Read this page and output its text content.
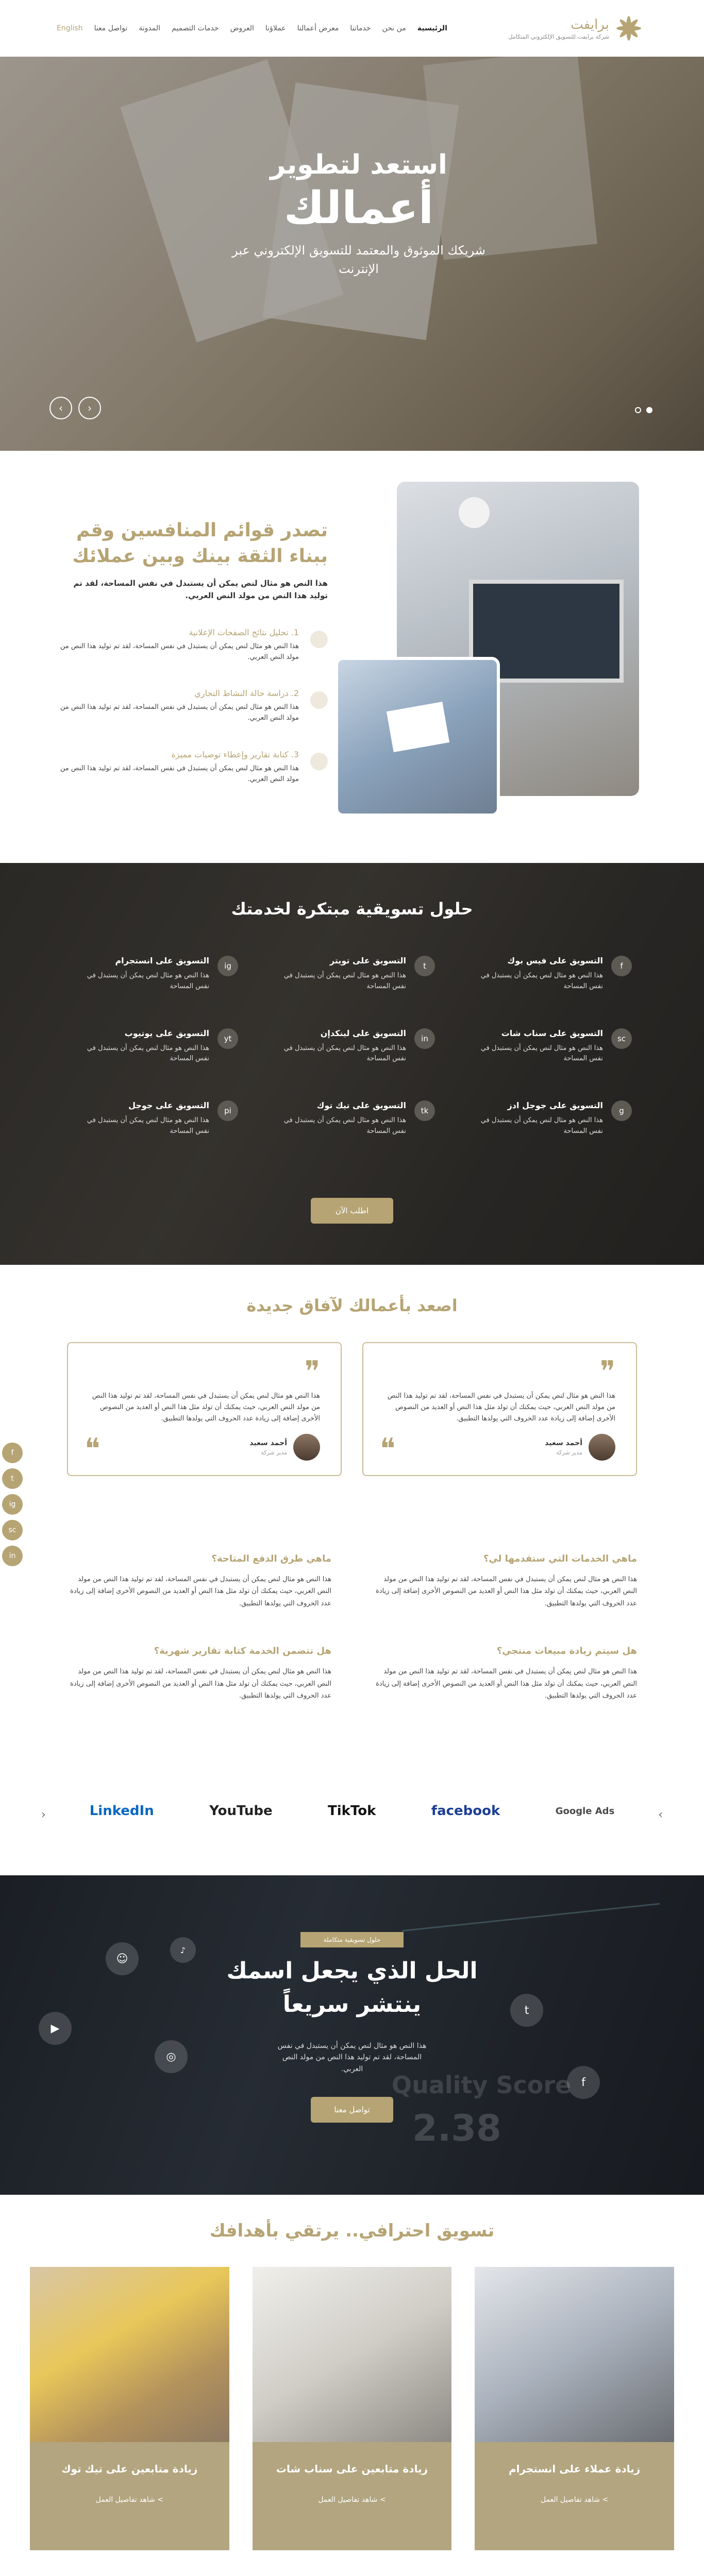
برايفت
شركة برايفت للتسويق الإلكتروني المتكامل
الرئيسية
من نحن
خدماتنا
معرض أعمالنا
عملاؤنا
العروض
خدمات التصميم
المدونة
تواصل معنا
English
استعد لتطوير
أعمالك
شريكك الموثوق والمعتمد للتسويق الإلكتروني عبر الإنترنت
‹
›
تصدر قوائم المنافسين وقم ببناء الثقة بينك وبين عملائك
هذا النص هو مثال لنص يمكن أن يستبدل في نفس المساحة، لقد تم توليد هذا النص من مولد النص العربي.
1. تحليل نتائج الصفحات الإعلانية
هذا النص هو مثال لنص يمكن أن يستبدل في نفس المساحة، لقد تم توليد هذا النص من مولد النص العربي.
2. دراسة حالة النشاط التجاري
هذا النص هو مثال لنص يمكن أن يستبدل في نفس المساحة، لقد تم توليد هذا النص من مولد النص العربي.
3. كتابة تقارير وإعطاء توصيات مميزة
هذا النص هو مثال لنص يمكن أن يستبدل في نفس المساحة، لقد تم توليد هذا النص من مولد النص العربي.
حلول تسويقية مبتكرة لخدمتك
f
التسويق على فيس بوك
هذا النص هو مثال لنص يمكن أن يستبدل في نفس المساحة
t
التسويق على تويتر
هذا النص هو مثال لنص يمكن أن يستبدل في نفس المساحة
ig
التسويق على انستجرام
هذا النص هو مثال لنص يمكن أن يستبدل في نفس المساحة
sc
التسويق على سناب شات
هذا النص هو مثال لنص يمكن أن يستبدل في نفس المساحة
in
التسويق على لينكدإن
هذا النص هو مثال لنص يمكن أن يستبدل في نفس المساحة
yt
التسويق على يوتيوب
هذا النص هو مثال لنص يمكن أن يستبدل في نفس المساحة
g
التسويق على جوجل ادز
هذا النص هو مثال لنص يمكن أن يستبدل في نفس المساحة
tk
التسويق على تيك توك
هذا النص هو مثال لنص يمكن أن يستبدل في نفس المساحة
pi
التسويق على جوجل
هذا النص هو مثال لنص يمكن أن يستبدل في نفس المساحة
اطلب الآن
اصعد بأعمالك لآفاق جديدة
❞
هذا النص هو مثال لنص يمكن أن يستبدل في نفس المساحة، لقد تم توليد هذا النص من مولد النص العربي، حيث يمكنك أن تولد مثل هذا النص أو العديد من النصوص الأخرى إضافة إلى زيادة عدد الحروف التي يولدها التطبيق.
أحمد سعيد
مدير شركة
❝
❞
هذا النص هو مثال لنص يمكن أن يستبدل في نفس المساحة، لقد تم توليد هذا النص من مولد النص العربي، حيث يمكنك أن تولد مثل هذا النص أو العديد من النصوص الأخرى إضافة إلى زيادة عدد الحروف التي يولدها التطبيق.
أحمد سعيد
مدير شركة
❝
ماهي الخدمات التي ستقدمها لي؟
هذا النص هو مثال لنص يمكن أن يستبدل في نفس المساحة، لقد تم توليد هذا النص من مولد النص العربي، حيث يمكنك أن تولد مثل هذا النص أو العديد من النصوص الأخرى إضافة إلى زيادة عدد الحروف التي يولدها التطبيق.
ماهي طرق الدفع المتاحة؟
هذا النص هو مثال لنص يمكن أن يستبدل في نفس المساحة، لقد تم توليد هذا النص من مولد النص العربي، حيث يمكنك أن تولد مثل هذا النص أو العديد من النصوص الأخرى إضافة إلى زيادة عدد الحروف التي يولدها التطبيق.
هل سيتم زيادة مبيعات منتجي؟
هذا النص هو مثال لنص يمكن أن يستبدل في نفس المساحة، لقد تم توليد هذا النص من مولد النص العربي، حيث يمكنك أن تولد مثل هذا النص أو العديد من النصوص الأخرى إضافة إلى زيادة عدد الحروف التي يولدها التطبيق.
هل تتضمن الخدمة كتابة تقارير شهرية؟
هذا النص هو مثال لنص يمكن أن يستبدل في نفس المساحة، لقد تم توليد هذا النص من مولد النص العربي، حيث يمكنك أن تولد مثل هذا النص أو العديد من النصوص الأخرى إضافة إلى زيادة عدد الحروف التي يولدها التطبيق.
›
‹	Google Ads
facebook
TikTok
YouTube
LinkedIn
f
t
ig
sc
in
☺
♪
▶
◎
t
f
حلول تسويقية متكاملة
الحل الذي يجعل اسمك
ينتشر سريعاً
هذا النص هو مثال لنص يمكن أن يستبدل في نفس المساحة، لقد تم توليد هذا النص من مولد النص العربي.
تواصل معنا
تسويق احترافي.. يرتقي بأهدافك
زيادة عملاء على انستجرام
> شاهد تفاصيل العمل
زيادة متابعين على سناب شات
> شاهد تفاصيل العمل
زيادة متابعين على تيك توك
> شاهد تفاصيل العمل
